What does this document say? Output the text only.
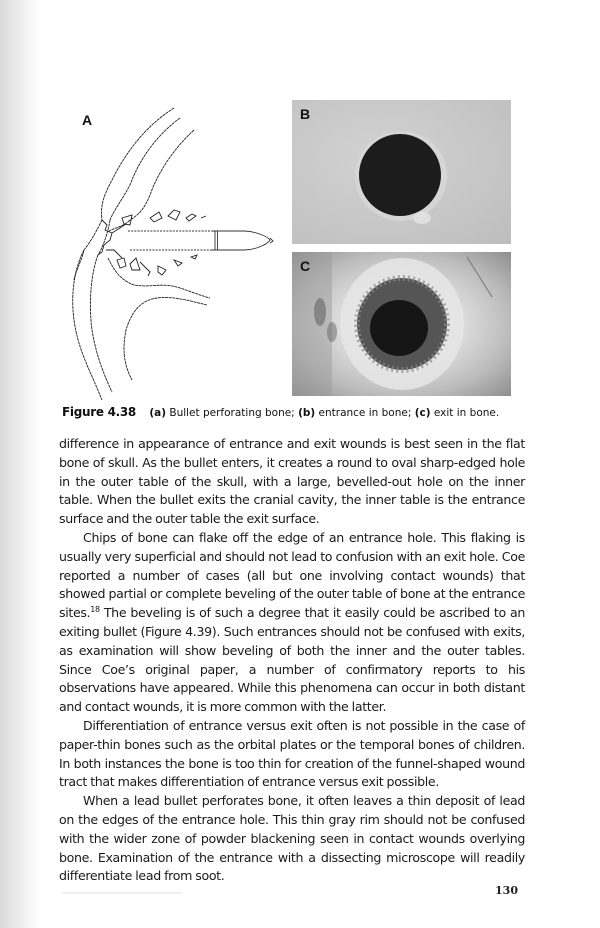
A	B
C
Figure 4.38 (a) Bullet perforating bone; (b) entrance in bone; (c) exit in bone.

difference in appearance of entrance and exit wounds is best seen in the flat bone of skull. As the bullet enters, it creates a round to oval sharp-edged hole in the outer table of the skull, with a large, bevelled-out hole on the inner table. When the bullet exits the cranial cavity, the inner table is the entrance surface and the outer table the exit surface.

Chips of bone can flake off the edge of an entrance hole. This flaking is usually very superficial and should not lead to confusion with an exit hole. Coe reported a number of cases (all but one involving contact wounds) that showed partial or complete beveling of the outer table of bone at the entrance sites.$^{18}$ The beveling is of such a degree that it easily could be ascribed to an exiting bullet (Figure 4.39). Such entrances should not be confused with exits, as examination will show beveling of both the inner and the outer tables. Since Coe’s original paper, a number of confirmatory reports to his observations have appeared. While this phenomena can occur in both distant and contact wounds, it is more common with the latter.

Differentiation of entrance versus exit often is not possible in the case of paper-thin bones such as the orbital plates or the temporal bones of children. In both instances the bone is too thin for creation of the funnel-shaped wound tract that makes differentiation of entrance versus exit possible.

When a lead bullet perforates bone, it often leaves a thin deposit of lead on the edges of the entrance hole. This thin gray rim should not be confused with the wider zone of powder blackening seen in contact wounds overlying bone. Examination of the entrance with a dissecting microscope will readily differentiate lead from soot.

130
